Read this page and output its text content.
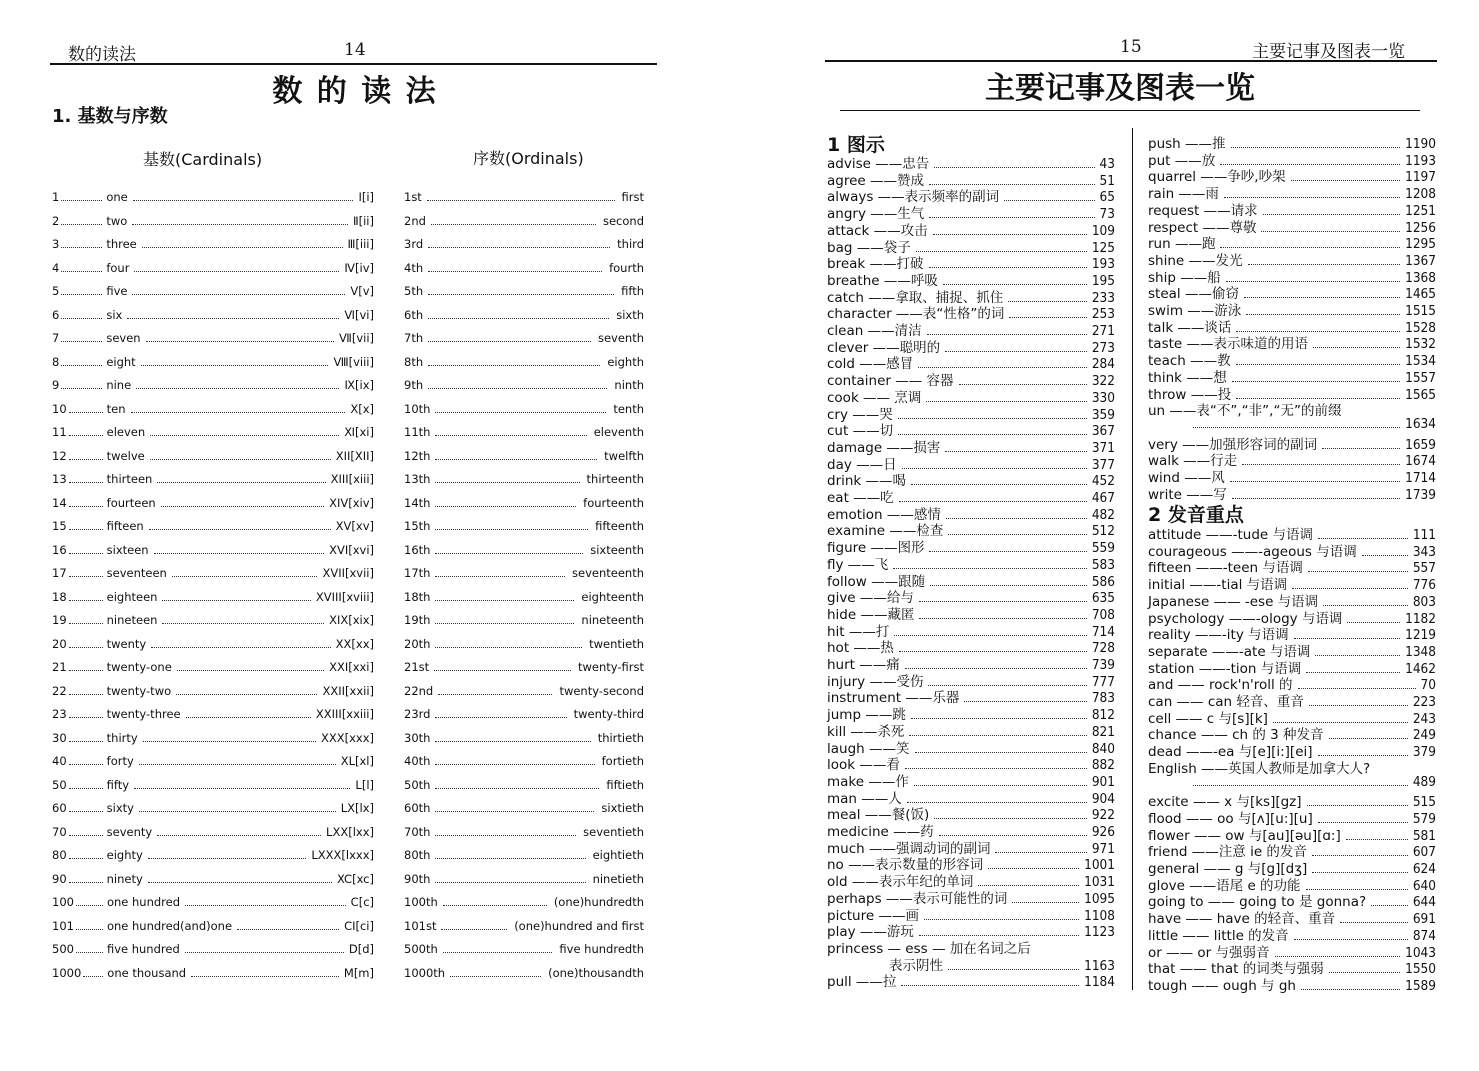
数的读法	14
数 的 读 法
1. 基数与序数
基数(Cardinals)	序数(Ordinals)
1	one	Ⅰ[i]
2	two	Ⅱ[ii]
3	three	Ⅲ[iii]
4	four	Ⅳ[iv]
5	five	Ⅴ[v]
6	six	Ⅵ[vi]
7	seven	Ⅶ[vii]
8	eight	Ⅷ[viii]
9	nine	Ⅸ[ix]
10	ten	Ⅹ[x]
11	eleven	Ⅺ[xi]
12	twelve	XII[XII]
13	thirteen	XIII[xiii]
14	fourteen	XIV[xiv]
15	fifteen	XV[xv]
16	sixteen	XVI[xvi]
17	seventeen	XVII[xvii]
18	eighteen	XVIII[xviii]
19	nineteen	XIX[xix]
20	twenty	XX[xx]
21	twenty-one	XXI[xxi]
22	twenty-two	XXII[xxii]
23	twenty-three	XXIII[xxiii]
30	thirty	XXX[xxx]
40	forty	XL[xl]
50	fifty	L[l]
60	sixty	LX[lx]
70	seventy	LXX[lxx]
80	eighty	LXXX[lxxx]
90	ninety	XC[xc]
100	one hundred	C[c]
101	one hundred(and)one	CI[ci]
500	five hundred	D[d]
1000 one thousand	M[m]
1st	first
2nd	second
3rd	third
4th	fourth
5th	fifth
6th	sixth
7th	seventh
8th	eighth
9th	ninth
10th	tenth
11th	eleventh
12th	twelfth
13th	thirteenth
14th	fourteenth
15th	fifteenth
16th	sixteenth
17th	seventeenth
18th	eighteenth
19th	nineteenth
20th	twentieth
21st	twenty-first
22nd	twenty-second
23rd	twenty-third
30th	thirtieth
40th	fortieth
50th	fiftieth
60th	sixtieth
70th	seventieth
80th	eightieth
90th	ninetieth
100th	(one)hundredth
101st	(one)hundred and first
500th	five hundredth
1000th	(one)thousandth
15	主要记事及图表一览
主要记事及图表一览
1 图示
advise ——忠告	43
agree ——赞成	51
always ——表示频率的副词	65
angry ——生气	73
attack ——攻击	109
bag ——袋子	125
break ——打破	193
breathe ——呼吸	195
catch ——拿取、捕捉、抓住	233
character ——表“性格”的词	253
clean ——清洁	271
clever ——聪明的	273
cold ——感冒	284
container —— 容器	322
cook —— 烹调	330
cry ——哭	359
cut ——切	367
damage ——损害	371
day ——日	377
drink ——喝	452
eat ——吃	467
emotion ——感情	482
examine ——检查	512
figure ——图形	559
fly ——飞	583
follow ——跟随	586
give ——给与	635
hide ——藏匿	708
hit ——打	714
hot ——热	728
hurt ——痛	739
injury ——受伤	777
instrument ——乐器	783
jump ——跳	812
kill ——杀死	821
laugh ——笑	840
look ——看	882
make ——作	901
man ——人	904
meal ——餐(饭)	922
medicine ——药	926
much ——强调动词的副词	971
no ——表示数量的形容词	1001
old ——表示年纪的单词	1031
perhaps ——表示可能性的词	1095
picture ——画	1108
play ——游玩	1123
princess — ess — 加在名词之后
表示阴性	1163
pull ——拉	1184
push ——推	1190
put ——放	1193
quarrel ——争吵,吵架	1197
rain ——雨	1208
request ——请求	1251
respect ——尊敬	1256
run ——跑	1295
shine ——发光	1367
ship ——船	1368
steal ——偷窃	1465
swim ——游泳	1515
talk ——谈话	1528
taste ——表示味道的用语	1532
teach ——教	1534
think ——想	1557
throw ——投	1565
un ——表“不”,“非”,“无”的前缀
1634
very ——加强形容词的副词	1659
walk ——行走	1674
wind ——风	1714
write ——写	1739
2 发音重点
attitude ——-tude 与语调	111
courageous ——-ageous 与语调	343
fifteen ——-teen 与语调	557
initial ——-tial 与语调	776
Japanese —— -ese 与语调	803
psychology ——-ology 与语调	1182
reality ——-ity 与语调	1219
separate ——-ate 与语调	1348
station ——-tion 与语调	1462
and —— rock'n'roll 的	70
can —— can 轻音、重音	223
cell —— c 与[s][k]	243
chance —— ch 的 3 种发音	249
dead ——-ea 与[e][i:][ei]	379
English ——英国人教师是加拿大人?
489
excite —— x 与[ks][gz]	515
flood —— oo 与[ʌ][u:][u]	579
flower —— ow 与[au][əu][ɑ:]	581
friend ——注意 ie 的发音	607
general —— g 与[g][dʒ]	624
glove ——语尾 e 的功能	640
going to —— going to 是 gonna?	644
have —— have 的轻音、重音	691
little —— little 的发音	874
or —— or 与强弱音	1043
that —— that 的词类与强弱	1550
tough —— ough 与 gh	1589
